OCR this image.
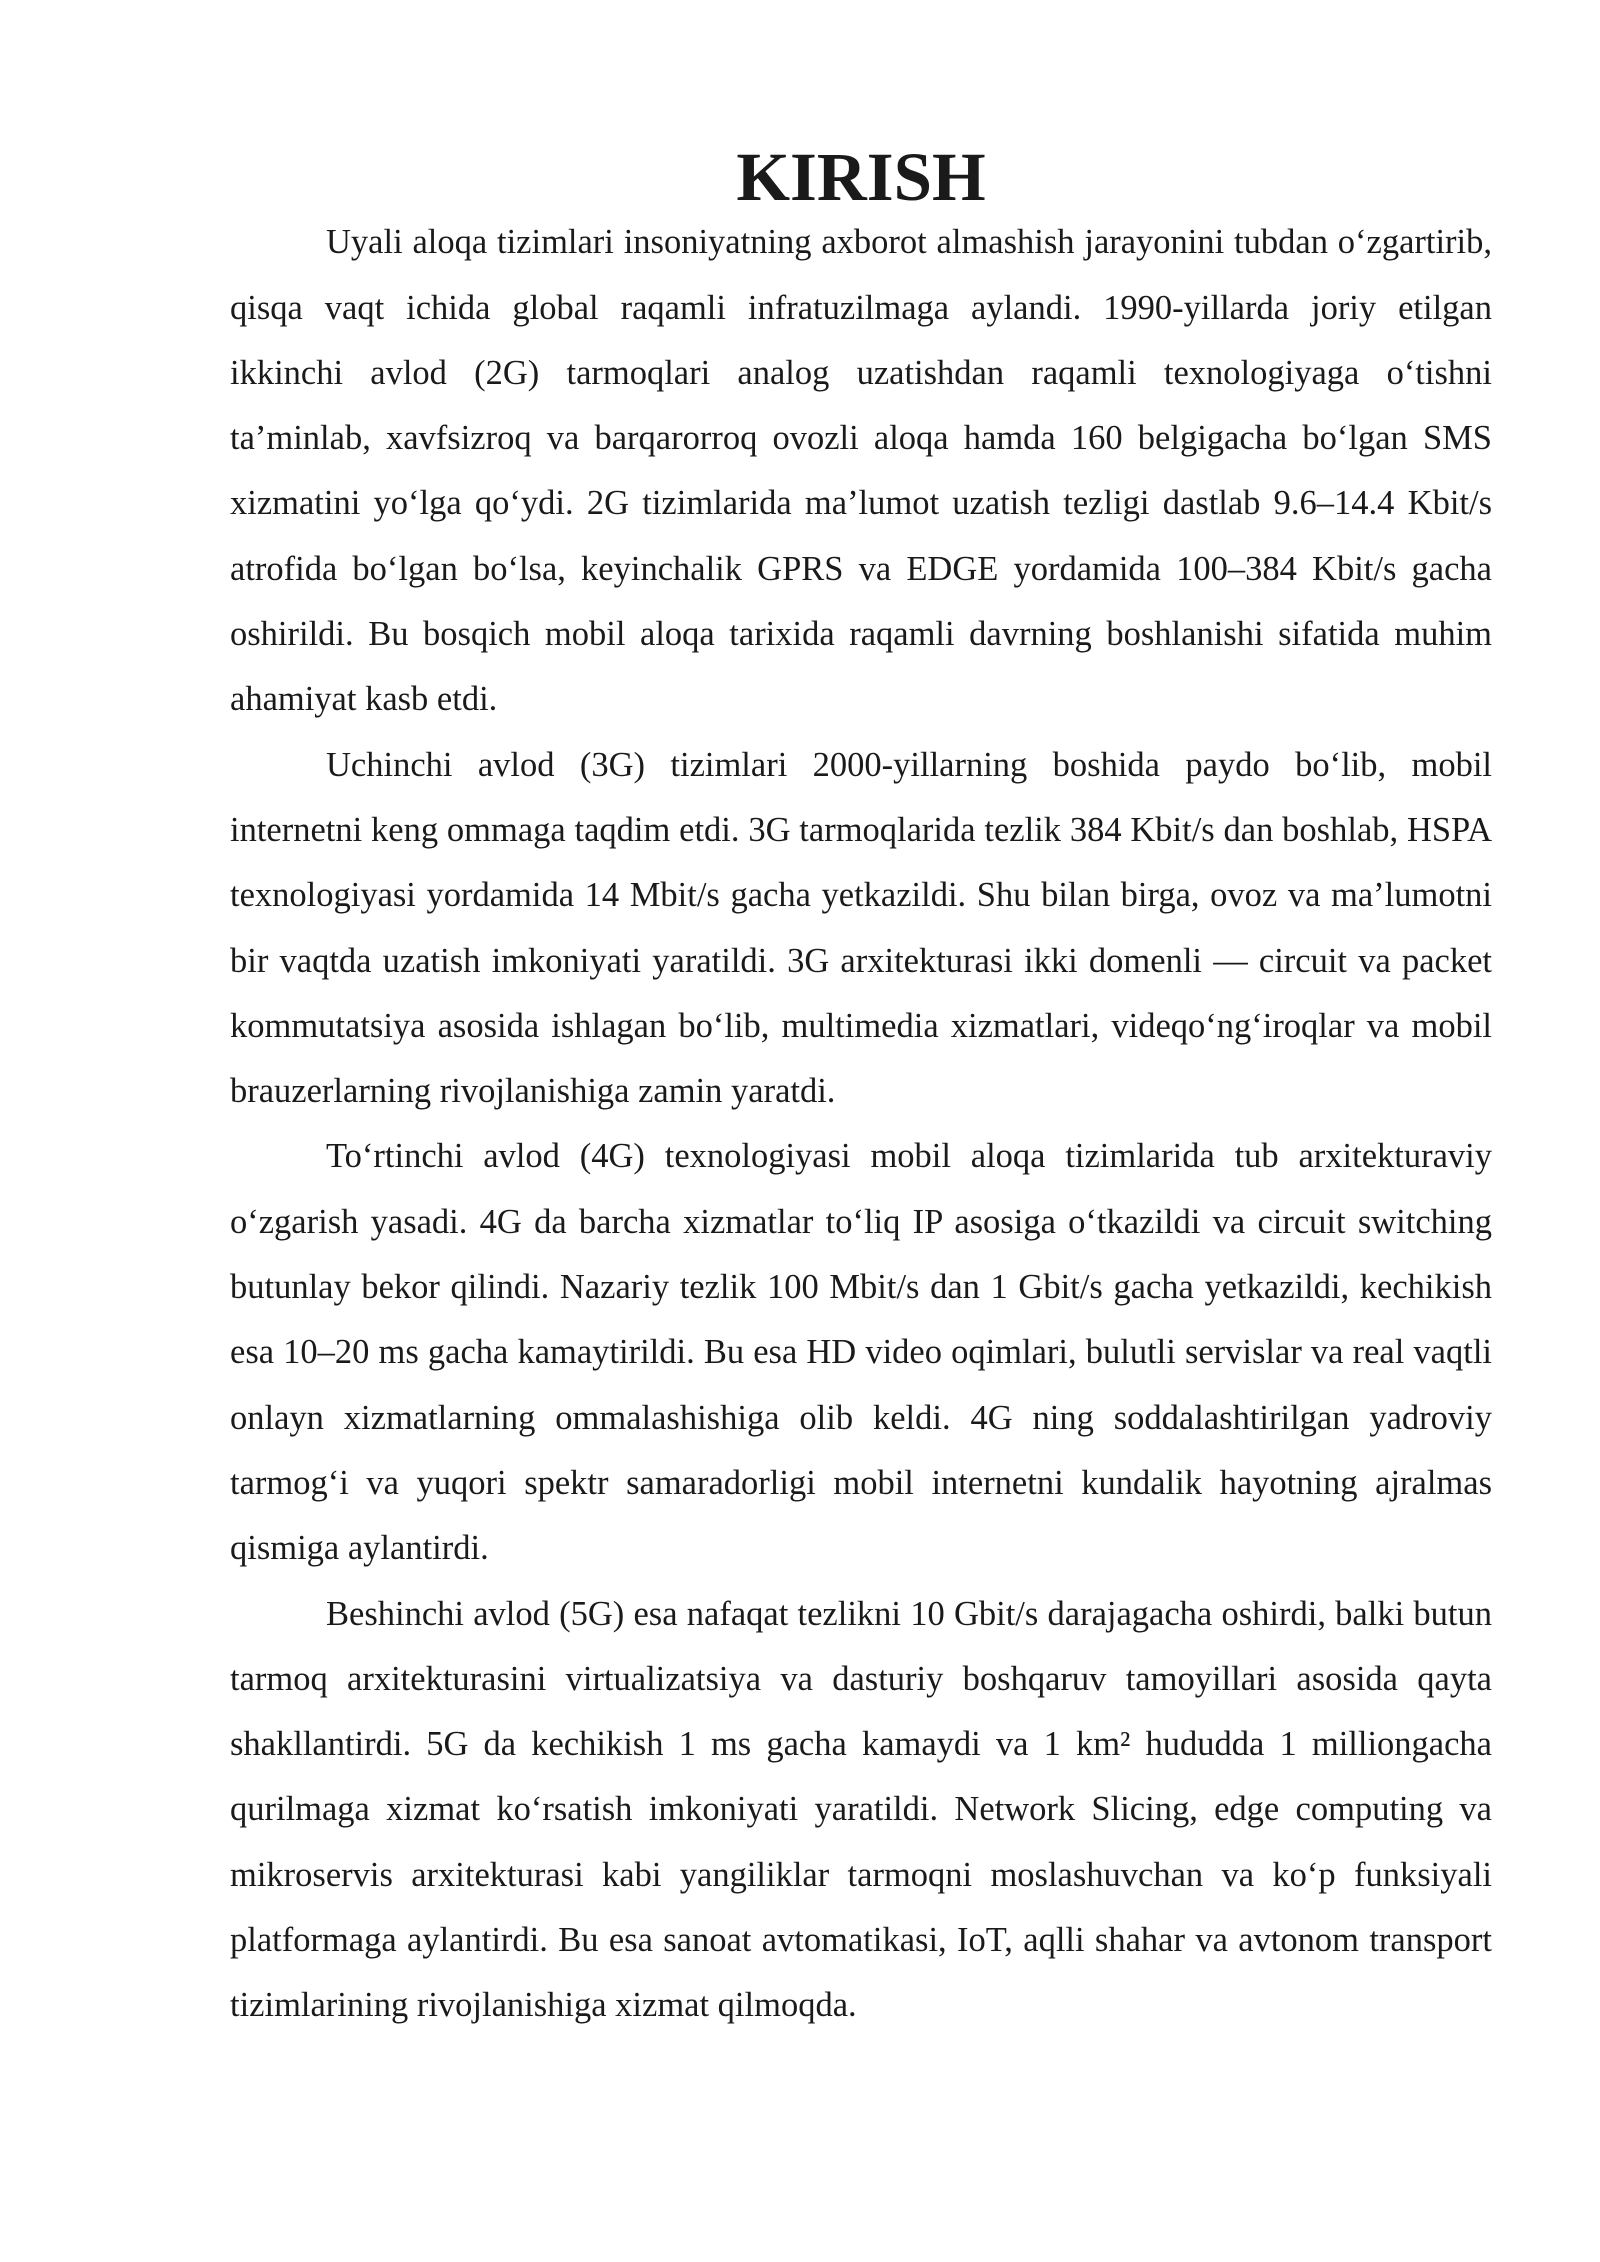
KIRISH

Uyali aloqa tizimlari insoniyatning axborot almashish jarayonini tubdan o‘zgartirib, qisqa vaqt ichida global raqamli infratuzilmaga aylandi. 1990-yillarda joriy etilgan ikkinchi avlod (2G) tarmoqlari analog uzatishdan raqamli texnologiyaga o‘tishni ta’minlab, xavfsizroq va barqarorroq ovozli aloqa hamda 160 belgigacha bo‘lgan SMS xizmatini yo‘lga qo‘ydi. 2G tizimlarida ma’lumot uzatish tezligi dastlab 9.6–14.4 Kbit/s atrofida bo‘lgan bo‘lsa, keyinchalik GPRS va EDGE yordamida 100–384 Kbit/s gacha oshirildi. Bu bosqich mobil aloqa tarixida raqamli davrning boshlanishi sifatida muhim ahamiyat kasb etdi.

Uchinchi avlod (3G) tizimlari 2000-yillarning boshida paydo bo‘lib, mobil internetni keng ommaga taqdim etdi. 3G tarmoqlarida tezlik 384 Kbit/s dan boshlab, HSPA texnologiyasi yordamida 14 Mbit/s gacha yetkazildi. Shu bilan birga, ovoz va ma’lumotni bir vaqtda uzatish imkoniyati yaratildi. 3G arxitekturasi ikki domenli — circuit va packet kommutatsiya asosida ishlagan bo‘lib, multimedia xizmatlari, videqo‘ng‘iroqlar va mobil brauzerlarning rivojlanishiga zamin yaratdi.

To‘rtinchi avlod (4G) texnologiyasi mobil aloqa tizimlarida tub arxitekturaviy o‘zgarish yasadi. 4G da barcha xizmatlar to‘liq IP asosiga o‘tkazildi va circuit switching butunlay bekor qilindi. Nazariy tezlik 100 Mbit/s dan 1 Gbit/s gacha yetkazildi, kechikish esa 10–20 ms gacha kamaytirildi. Bu esa HD video oqimlari, bulutli servislar va real vaqtli onlayn xizmatlarning ommalashishiga olib keldi. 4G ning soddalashtirilgan yadroviy tarmog‘i va yuqori spektr samaradorligi mobil internetni kundalik hayotning ajralmas qismiga aylantirdi.

Beshinchi avlod (5G) esa nafaqat tezlikni 10 Gbit/s darajagacha oshirdi, balki butun tarmoq arxitekturasini virtualizatsiya va dasturiy boshqaruv tamoyillari asosida qayta shakllantirdi. 5G da kechikish 1 ms gacha kamaydi va 1 km² hududda 1 milliongacha qurilmaga xizmat ko‘rsatish imkoniyati yaratildi. Network Slicing, edge computing va mikroservis arxitekturasi kabi yangiliklar tarmoqni moslashuvchan va ko‘p funksiyali platformaga aylantirdi. Bu esa sanoat avtomatikasi, IoT, aqlli shahar va avtonom transport tizimlarining rivojlanishiga xizmat qilmoqda.
